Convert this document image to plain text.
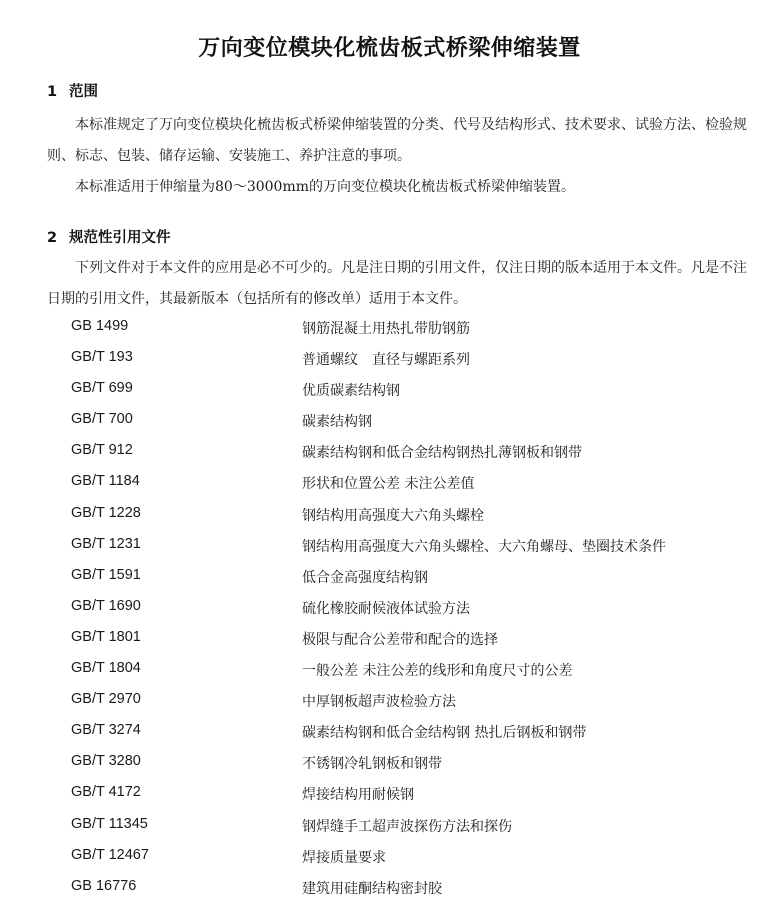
万向变位模块化梳齿板式桥梁伸缩装置
1 范围

本标准规定了万向变位模块化梳齿板式桥梁伸缩装置的分类、代号及结构形式、技术要求、试验方法、检验规则、标志、包装、储存运输、安装施工、养护注意的事项。

本标准适用于伸缩量为80～3000mm的万向变位模块化梳齿板式桥梁伸缩装置。

2 规范性引用文件

下列文件对于本文件的应用是必不可少的。凡是注日期的引用文件，仅注日期的版本适用于本文件。凡是不注日期的引用文件，其最新版本（包括所有的修改单）适用于本文件。

GB 1499	钢筋混凝土用热扎带肋钢筋
GB/T 193	普通螺纹　直径与螺距系列
GB/T 699	优质碳素结构钢
GB/T 700	碳素结构钢
GB/T 912	碳素结构钢和低合金结构钢热扎薄钢板和钢带
GB/T 1184	形状和位置公差 未注公差值
GB/T 1228	钢结构用高强度大六角头螺栓
GB/T 1231	钢结构用高强度大六角头螺栓、大六角螺母、垫圈技术条件
GB/T 1591	低合金高强度结构钢
GB/T 1690	硫化橡胶耐候液体试验方法
GB/T 1801	极限与配合公差带和配合的选择
GB/T 1804	一般公差 未注公差的线形和角度尺寸的公差
GB/T 2970	中厚钢板超声波检验方法
GB/T 3274	碳素结构钢和低合金结构钢 热扎后钢板和钢带
GB/T 3280	不锈钢冷轧钢板和钢带
GB/T 4172	焊接结构用耐候钢
GB/T 11345	钢焊缝手工超声波探伤方法和探伤
GB/T 12467	焊接质量要求
GB 16776	建筑用硅酮结构密封胶
